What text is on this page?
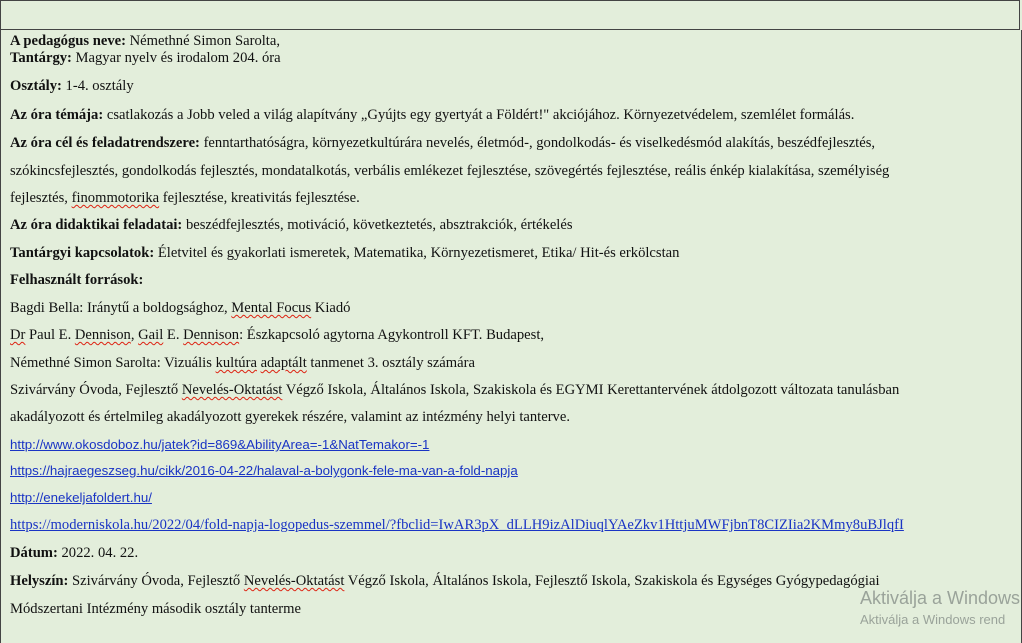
A pedagógus neve: Némethné Simon Sarolta,
Tantárgy: Magyar nyelv és irodalom 204. óra
Osztály: 1-4. osztály
Az óra témája: csatlakozás a Jobb veled a világ alapítvány „Gyújts egy gyertyát a Földért!" akciójához. Környezetvédelem, szemlélet formálás.
Az óra cél és feladatrendszere: fenntarthatóságra, környezetkultúrára nevelés, életmód-, gondolkodás- és viselkedésmód alakítás, beszédfejlesztés,
szókincsfejlesztés, gondolkodás fejlesztés, mondatalkotás, verbális emlékezet fejlesztése, szövegértés fejlesztése, reális énkép kialakítása, személyiség
fejlesztés, finommotorika fejlesztése, kreativitás fejlesztése.
Az óra didaktikai feladatai: beszédfejlesztés, motiváció, következtetés, absztrakciók, értékelés
Tantárgyi kapcsolatok: Életvitel és gyakorlati ismeretek, Matematika, Környezetismeret, Etika/ Hit-és erkölcstan
Felhasznált források:
Bagdi Bella: Iránytű a boldogsághoz, Mental Focus Kiadó
Dr Paul E. Dennison, Gail E. Dennison: Észkapcsoló agytorna Agykontroll KFT. Budapest,
Némethné Simon Sarolta: Vizuális kultúra adaptált tanmenet 3. osztály számára
Szivárvány Óvoda, Fejlesztő Nevelés-Oktatást Végző Iskola, Általános Iskola, Szakiskola és EGYMI Kerettantervének átdolgozott változata tanulásban
akadályozott és értelmileg akadályozott gyerekek részére, valamint az intézmény helyi tanterve.
http://www.okosdoboz.hu/jatek?id=869&AbilityArea=-1&NatTemakor=-1
https://hajraegeszseg.hu/cikk/2016-04-22/halaval-a-bolygonk-fele-ma-van-a-fold-napja
http://enekeljafoldert.hu/
https://moderniskola.hu/2022/04/fold-napja-logopedus-szemmel/?fbclid=IwAR3pX_dLLH9izAlDiuqlYAeZkv1HttjuMWFjbnT8CIZIia2KMmy8uBJlqfI
Dátum: 2022. 04. 22.
Helyszín: Szivárvány Óvoda, Fejlesztő Nevelés-Oktatást Végző Iskola, Általános Iskola, Fejlesztő Iskola, Szakiskola és Egységes Gyógypedagógiai
Módszertani Intézmény második osztály tanterme
Aktiválja a Windows
Aktiválja a Windows rend
